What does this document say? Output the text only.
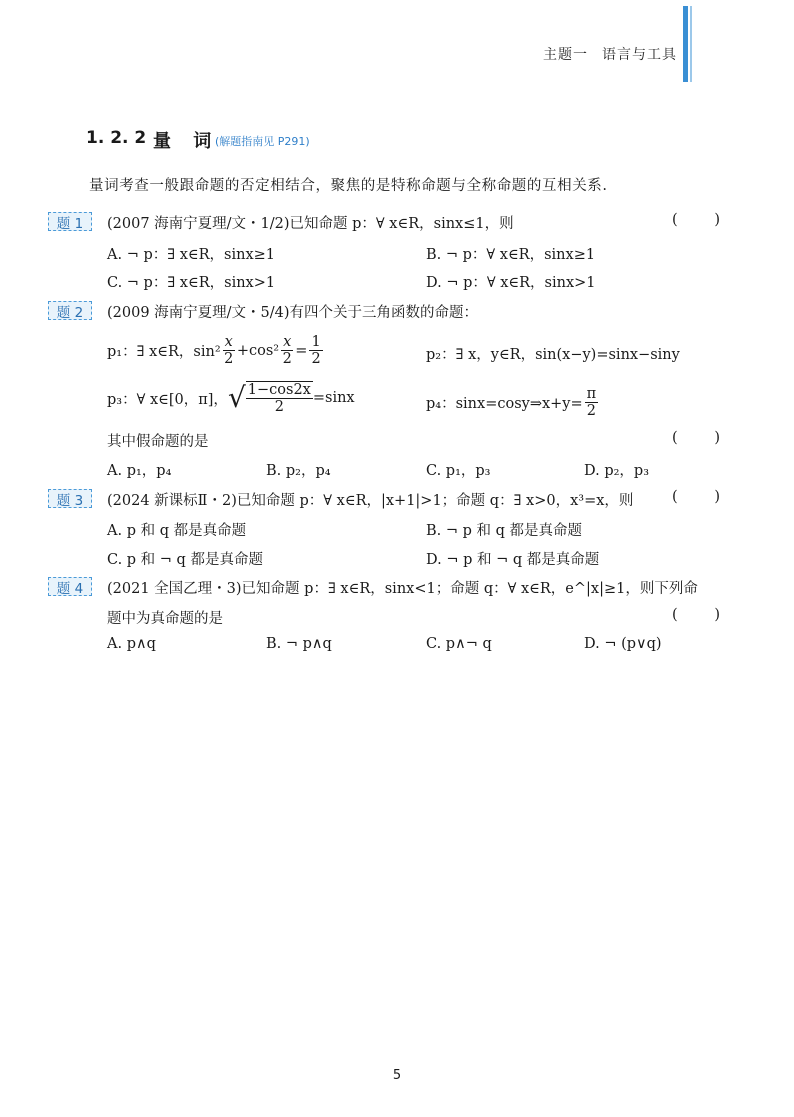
主题一 语言与工具
1. 2. 2 量 词
(解题指南见 P291)
量词考查一般跟命题的否定相结合，聚焦的是特称命题与全称命题的互相关系.
题 1	(2007 海南宁夏理/文・1/2)已知命题 p：∀ x∈R，sinx≤1，则	(	)
A. ¬ p：∃ x∈R，sinx≥1	B. ¬ p：∀ x∈R，sinx≥1
C. ¬ p：∃ x∈R，sinx>1	D. ¬ p：∀ x∈R，sinx>1
题 2	(2009 海南宁夏理/文・5/4)有四个关于三角函数的命题：
p₁：∃ x∈R，$\sin^2 \frac{x}{2} +\cos^2 \frac{x}{2} = \frac{1}{2}$	p₂：∃ x，y∈R，sin(x−y)=sinx−siny
p₃：∀ x∈[0，π]， √ $\frac{1-\cos 2x}{2} =\sin x$	p₄：sinx=cosy⇒x+y= $\frac{\pi}{2}$
其中假命题的是	(	)
A. p₁，p₄	B. p₂，p₄	C. p₁，p₃	D. p₂，p₃
题 3	(2024 新课标Ⅱ・2)已知命题 p：∀ x∈R，|x+1|>1；命题 q：∃ x>0，x³=x，则	(	)
A. p 和 q 都是真命题	B. ¬ p 和 q 都是真命题
C. p 和 ¬ q 都是真命题	D. ¬ p 和 ¬ q 都是真命题
题 4	(2021 全国乙理・3)已知命题 p：∃ x∈R，sinx<1；命题 q：∀ x∈R，e^|x|≥1，则下列命
题中为真命题的是	(	)
A. p∧q	B. ¬ p∧q	C. p∧¬ q	D. ¬ (p∨q)
5
